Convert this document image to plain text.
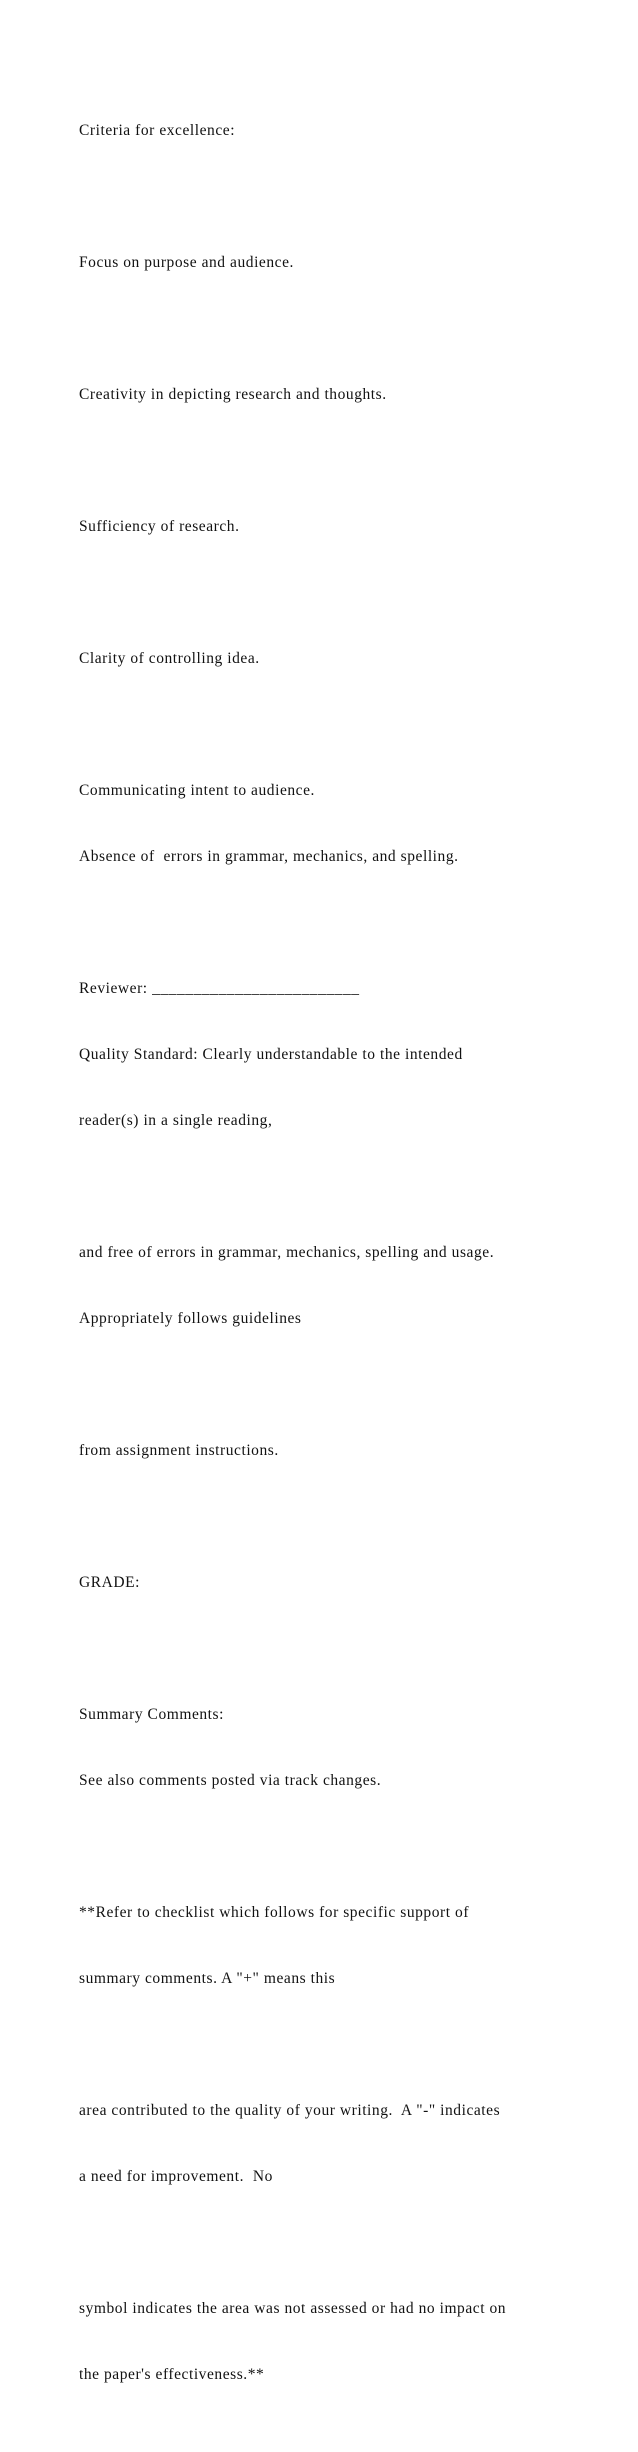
Criteria for excellence:

Focus on purpose and audience.

Creativity in depicting research and thoughts.

Sufficiency of research.

Clarity of controlling idea.

Communicating intent to audience.

Absence of  errors in grammar, mechanics, and spelling.

Reviewer: _________________________

Quality Standard: Clearly understandable to the intended

reader(s) in a single reading,

and free of errors in grammar, mechanics, spelling and usage.

Appropriately follows guidelines

from assignment instructions.

GRADE:

Summary Comments:

See also comments posted via track changes.

**Refer to checklist which follows for specific support of

summary comments. A "+" means this

area contributed to the quality of your writing.  A "-" indicates

a need for improvement.  No

symbol indicates the area was not assessed or had no impact on

the paper's effectiveness.**
